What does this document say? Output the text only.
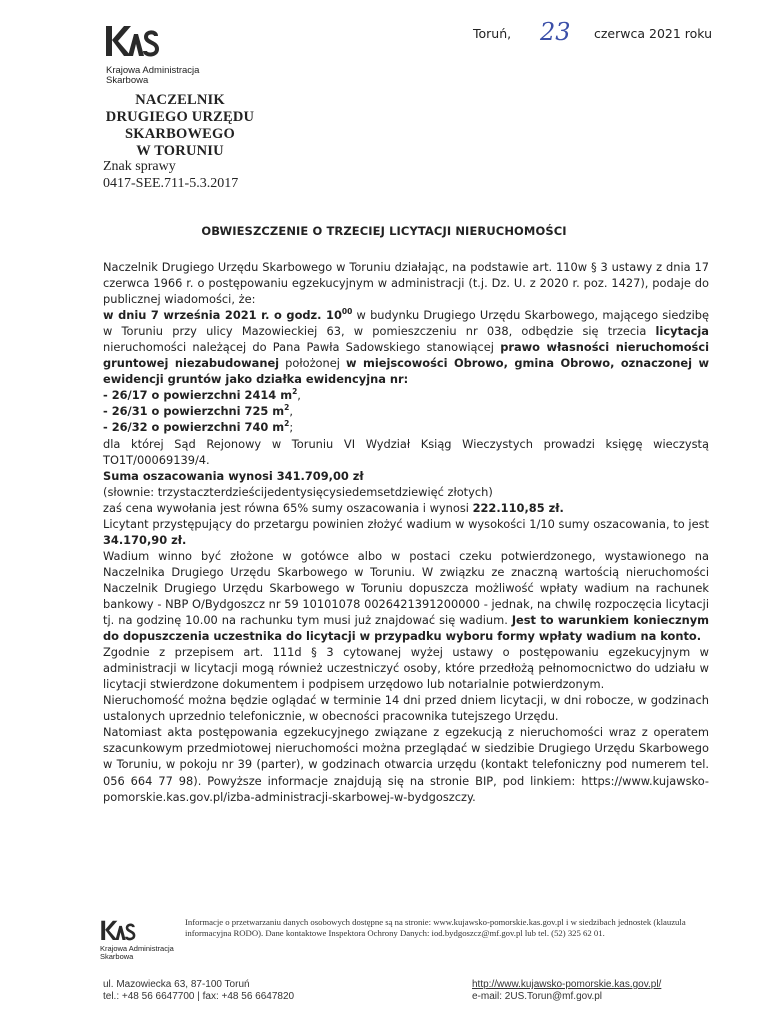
Krajowa Administracja
Skarbowa
Toruń, 23 czerwca 2021 roku
NACZELNIK
DRUGIEGO URZĘDU
SKARBOWEGO
W TORUNIU
Znak sprawy
0417-SEE.711-5.3.2017
OBWIESZCZENIE O TRZECIEJ LICYTACJI NIERUCHOMOŚCI

Naczelnik Drugiego Urzędu Skarbowego w Toruniu działając, na podstawie art. 110w § 3 ustawy z dnia 17 czerwca 1966 r. o postępowaniu egzekucyjnym w administracji (t.j. Dz. U. z 2020 r. poz. 1427), podaje do publicznej wiadomości, że:

w dniu 7 września 2021 r. o godz. $10^{00}$ w budynku Drugiego Urzędu Skarbowego, mającego siedzibę w Toruniu przy ulicy Mazowieckiej 63, w pomieszczeniu nr 038, odbędzie się trzecia licytacja nieruchomości należącej do Pana Pawła Sadowskiego stanowiącej prawo własności nieruchomości gruntowej niezabudowanej położonej w miejscowości Obrowo, gmina Obrowo, oznaczonej w ewidencji gruntów jako działka ewidencyjna nr:

- 26/17 o powierzchni 2414 $m^2$,

- 26/31 o powierzchni 725 $m^2$,

- 26/32 o powierzchni 740 $m^2$;

dla której Sąd Rejonowy w Toruniu VI Wydział Ksiąg Wieczystych prowadzi księgę wieczystą TO1T/00069139/4.

Suma oszacowania wynosi 341.709,00 zł

(słownie: trzystaczterdzieścijedentysięcysiedemsetdziewięć złotych)

zaś cena wywołania jest równa 65% sumy oszacowania i wynosi 222.110,85 zł.

Licytant przystępujący do przetargu powinien złożyć wadium w wysokości 1/10 sumy oszacowania, to jest 34.170,90 zł.

Wadium winno być złożone w gotówce albo w postaci czeku potwierdzonego, wystawionego na Naczelnika Drugiego Urzędu Skarbowego w Toruniu. W związku ze znaczną wartością nieruchomości Naczelnik Drugiego Urzędu Skarbowego w Toruniu dopuszcza możliwość wpłaty wadium na rachunek bankowy - NBP O/Bydgoszcz nr 59 10101078 0026421391200000 - jednak, na chwilę rozpoczęcia licytacji tj. na godzinę 10.00 na rachunku tym musi już znajdować się wadium. Jest to warunkiem koniecznym do dopuszczenia uczestnika do licytacji w przypadku wyboru formy wpłaty wadium na konto.

Zgodnie z przepisem art. 111d § 3 cytowanej wyżej ustawy o postępowaniu egzekucyjnym w administracji w licytacji mogą również uczestniczyć osoby, które przedłożą pełnomocnictwo do udziału w licytacji stwierdzone dokumentem i podpisem urzędowo lub notarialnie potwierdzonym.

Nieruchomość można będzie oglądać w terminie 14 dni przed dniem licytacji, w dni robocze, w godzinach ustalonych uprzednio telefonicznie, w obecności pracownika tutejszego Urzędu.

Natomiast akta postępowania egzekucyjnego związane z egzekucją z nieruchomości wraz z operatem szacunkowym przedmiotowej nieruchomości można przeglądać w siedzibie Drugiego Urzędu Skarbowego w Toruniu, w pokoju nr 39 (parter), w godzinach otwarcia urzędu (kontakt telefoniczny pod numerem tel. 056 664 77 98). Powyższe informacje znajdują się na stronie BIP, pod linkiem: https://www.kujawsko-pomorskie.kas.gov.pl/izba-administracji-skarbowej-w-bydgoszczy.

Krajowa Administracja
Skarbowa
Informacje o przetwarzaniu danych osobowych dostępne są na stronie: www.kujawsko-pomorskie.kas.gov.pl i w siedzibach jednostek (klauzula informacyjna RODO). Dane kontaktowe Inspektora Ochrony Danych: iod.bydgoszcz@mf.gov.pl lub tel. (52) 325 62 01.
ul. Mazowiecka 63, 87-100 Toruń
tel.: +48 56 6647700 | fax: +48 56 6647820
http://www.kujawsko-pomorskie.kas.gov.pl/
e-mail: 2US.Torun@mf.gov.pl
